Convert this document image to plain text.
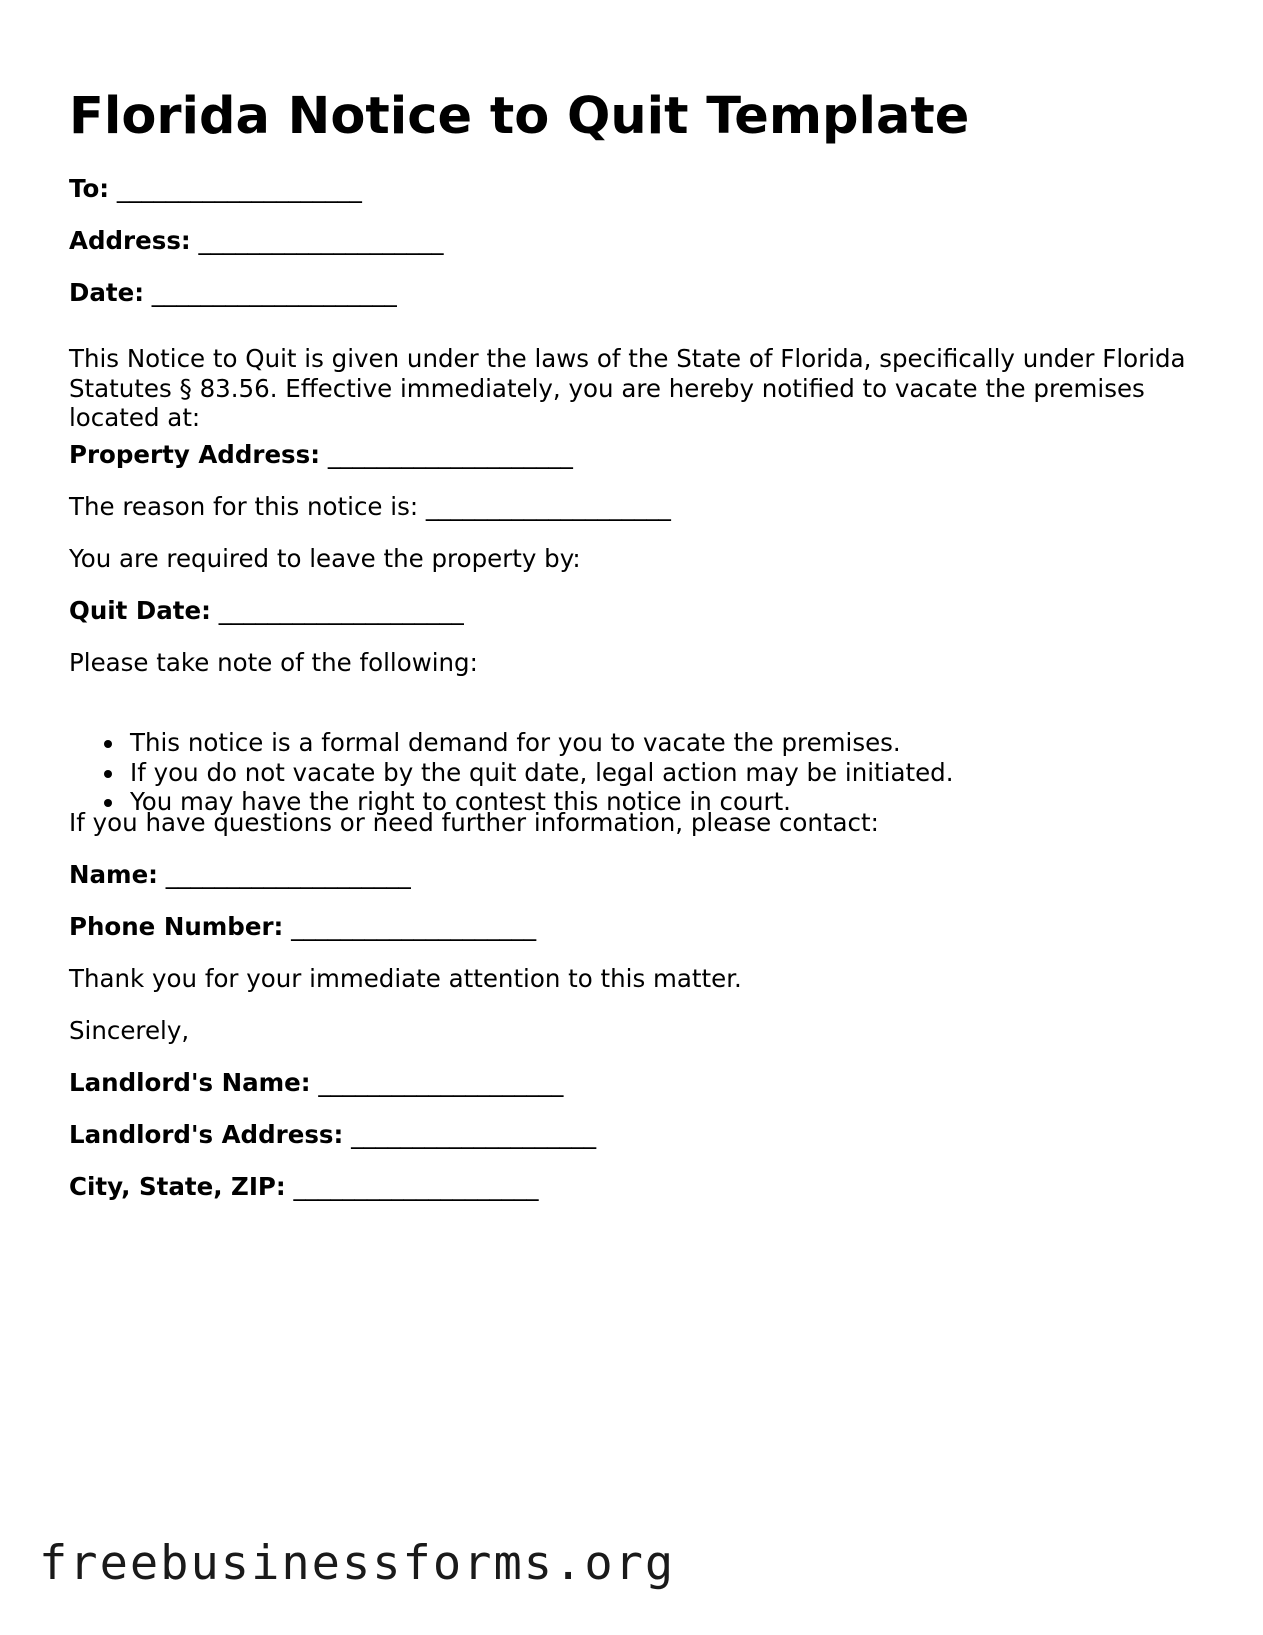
Florida Notice to Quit Template

To: ____________________

Address: ____________________

Date: ____________________

This Notice to Quit is given under the laws of the State of Florida, specifically under Florida Statutes § 83.56. Effective immediately, you are hereby notified to vacate the premises located at:

Property Address: ____________________

The reason for this notice is: ____________________

You are required to leave the property by:

Quit Date: ____________________

Please take note of the following:

This notice is a formal demand for you to vacate the premises.
If you do not vacate by the quit date, legal action may be initiated.
You may have the right to contest this notice in court.

If you have questions or need further information, please contact:

Name: ____________________

Phone Number: ____________________

Thank you for your immediate attention to this matter.

Sincerely,

Landlord's Name: ____________________

Landlord's Address: ____________________

City, State, ZIP: ____________________

freebusinessforms.org
